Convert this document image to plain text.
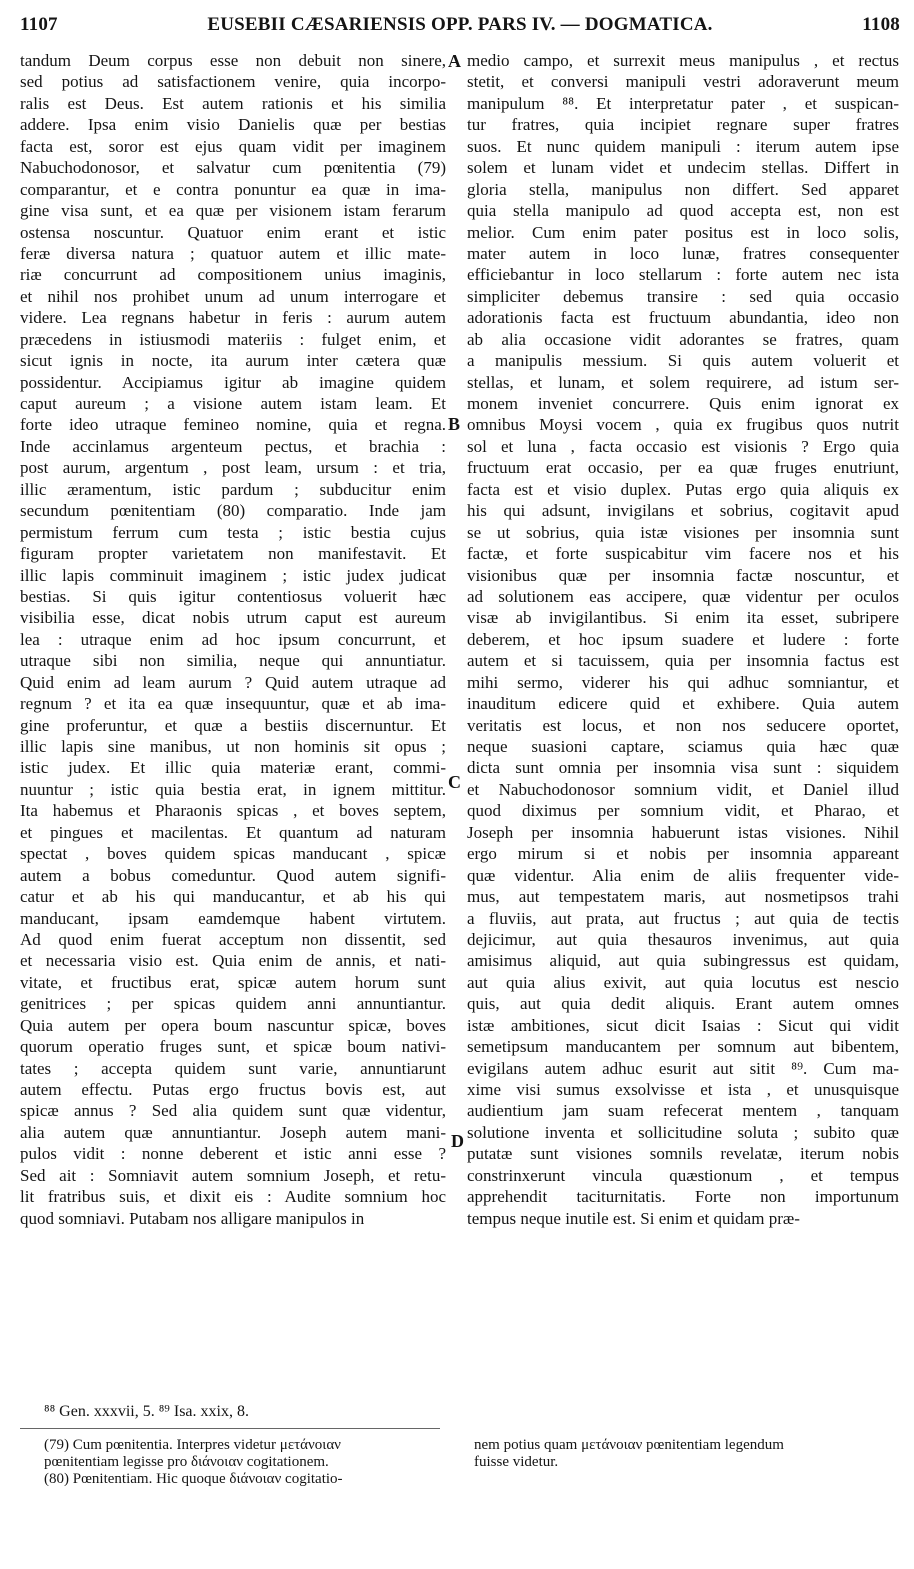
1107	EUSEBII CÆSARIENSIS OPP. PARS IV. — DOGMATICA.	1108
tandum Deum corpus esse non debuit non sinere,
sed potius ad satisfactionem venire, quia incorpo-
ralis est Deus. Est autem rationis et his similia
addere. Ipsa enim visio Danielis quæ per bestias
facta est, soror est ejus quam vidit per imaginem
Nabuchodonosor, et salvatur cum pœnitentia (79)
comparantur, et e contra ponuntur ea quæ in ima-
gine visa sunt, et ea quæ per visionem istam ferarum
ostensa noscuntur. Quatuor enim erant et istic
feræ diversa natura ; quatuor autem et illic mate-
riæ concurrunt ad compositionem unius imaginis,
et nihil nos prohibet unum ad unum interrogare et
videre. Lea regnans habetur in feris : aurum autem
præcedens in istiusmodi materiis : fulget enim, et
sicut ignis in nocte, ita aurum inter cætera quæ
possidentur. Accipiamus igitur ab imagine quidem
caput aureum ; a visione autem istam leam. Et
forte ideo utraque femineo nomine, quia et regna.
Inde accinlamus argenteum pectus, et brachia :
post aurum, argentum , post leam, ursum : et tria,
illic æramentum, istic pardum ; subducitur enim
secundum pœnitentiam (80) comparatio. Inde jam
permistum ferrum cum testa ; istic bestia cujus
figuram propter varietatem non manifestavit. Et
illic lapis comminuit imaginem ; istic judex judicat
bestias. Si quis igitur contentiosus voluerit hæc
visibilia esse, dicat nobis utrum caput est aureum
lea : utraque enim ad hoc ipsum concurrunt, et
utraque sibi non similia, neque qui annuntiatur.
Quid enim ad leam aurum ? Quid autem utraque ad
regnum ? et ita ea quæ insequuntur, quæ et ab ima-
gine proferuntur, et quæ a bestiis discernuntur. Et
illic lapis sine manibus, ut non hominis sit opus ;
istic judex. Et illic quia materiæ erant, commi-
nuuntur ; istic quia bestia erat, in ignem mittitur.
Ita habemus et Pharaonis spicas , et boves septem,
et pingues et macilentas. Et quantum ad naturam
spectat , boves quidem spicas manducant , spicæ
autem a bobus comeduntur. Quod autem signifi-
catur et ab his qui manducantur, et ab his qui
manducant, ipsam eamdemque habent virtutem.
Ad quod enim fuerat acceptum non dissentit, sed
et necessaria visio est. Quia enim de annis, et nati-
vitate, et fructibus erat, spicæ autem horum sunt
genitrices ; per spicas quidem anni annuntiantur.
Quia autem per opera boum nascuntur spicæ, boves
quorum operatio fruges sunt, et spicæ boum nativi-
tates ; accepta quidem sunt varie, annuntiarunt
autem effectu. Putas ergo fructus bovis est, aut
spicæ annus ? Sed alia quidem sunt quæ videntur,
alia autem quæ annuntiantur. Joseph autem mani-
pulos vidit : nonne deberent et istic anni esse ?
Sed ait : Somniavit autem somnium Joseph, et retu-
lit fratribus suis, et dixit eis : Audite somnium hoc
quod somniavi. Putabam nos alligare manipulos in
medio campo, et surrexit meus manipulus , et rectus
stetit, et conversi manipuli vestri adoraverunt meum
manipulum ⁸⁸. Et interpretatur pater , et suspican-
tur fratres, quia incipiet regnare super fratres
suos. Et nunc quidem manipuli : iterum autem ipse
solem et lunam videt et undecim stellas. Differt in
gloria stella, manipulus non differt. Sed apparet
quia stella manipulo ad quod accepta est, non est
melior. Cum enim pater positus est in loco solis,
mater autem in loco lunæ, fratres consequenter
efficiebantur in loco stellarum : forte autem nec ista
simpliciter debemus transire : sed quia occasio
adorationis facta est fructuum abundantia, ideo non
ab alia occasione vidit adorantes se fratres, quam
a manipulis messium. Si quis autem voluerit et
stellas, et lunam, et solem requirere, ad istum ser-
monem inveniet concurrere. Quis enim ignorat ex
omnibus Moysi vocem , quia ex frugibus quos nutrit
sol et luna , facta occasio est visionis ? Ergo quia
fructuum erat occasio, per ea quæ fruges enutriunt,
facta est et visio duplex. Putas ergo quia aliquis ex
his qui adsunt, invigilans et sobrius, cogitavit apud
se ut sobrius, quia istæ visiones per insomnia sunt
factæ, et forte suspicabitur vim facere nos et his
visionibus quæ per insomnia factæ noscuntur, et
ad solutionem eas accipere, quæ videntur per oculos
visæ ab invigilantibus. Si enim ita esset, subripere
deberem, et hoc ipsum suadere et ludere : forte
autem et si tacuissem, quia per insomnia factus est
mihi sermo, viderer his qui adhuc somniantur, et
inauditum edicere quid et exhibere. Quia autem
veritatis est locus, et non nos seducere oportet,
neque suasioni captare, sciamus quia hæc quæ
dicta sunt omnia per insomnia visa sunt : siquidem
et Nabuchodonosor somnium vidit, et Daniel illud
quod diximus per somnium vidit, et Pharao, et
Joseph per insomnia habuerunt istas visiones. Nihil
ergo mirum si et nobis per insomnia appareant
quæ videntur. Alia enim de aliis frequenter vide-
mus, aut tempestatem maris, aut nosmetipsos trahi
a fluviis, aut prata, aut fructus ; aut quia de tectis
dejicimur, aut quia thesauros invenimus, aut quia
amisimus aliquid, aut quia subingressus est quidam,
aut quia alius exivit, aut quia locutus est nescio
quis, aut quia dedit aliquis. Erant autem omnes
istæ ambitiones, sicut dicit Isaias : Sicut qui vidit
semetipsum manducantem per somnum aut bibentem,
evigilans autem adhuc esurit aut sitit ⁸⁹. Cum ma-
xime visi sumus exsolvisse et ista , et unusquisque
audientium jam suam refecerat mentem , tanquam
solutione inventa et sollicitudine soluta ; subito quæ
putatæ sunt visiones somnils revelatæ, iterum nobis
constrinxerunt vincula quæstionum , et tempus
apprehendit taciturnitatis. Forte non importunum
tempus neque inutile est. Si enim et quidam præ-
A
B
C
D
⁸⁸ Gen. xxxvii, 5. ⁸⁹ Isa. xxix, 8.
(79) Cum pœnitentia. Interpres videtur μετάνοιαν
pœnitentiam legisse pro διάνοιαν cogitationem.
(80) Pœnitentiam. Hic quoque διάνοιαν cogitatio-
nem potius quam μετάνοιαν pœnitentiam legendum
fuisse videtur.
